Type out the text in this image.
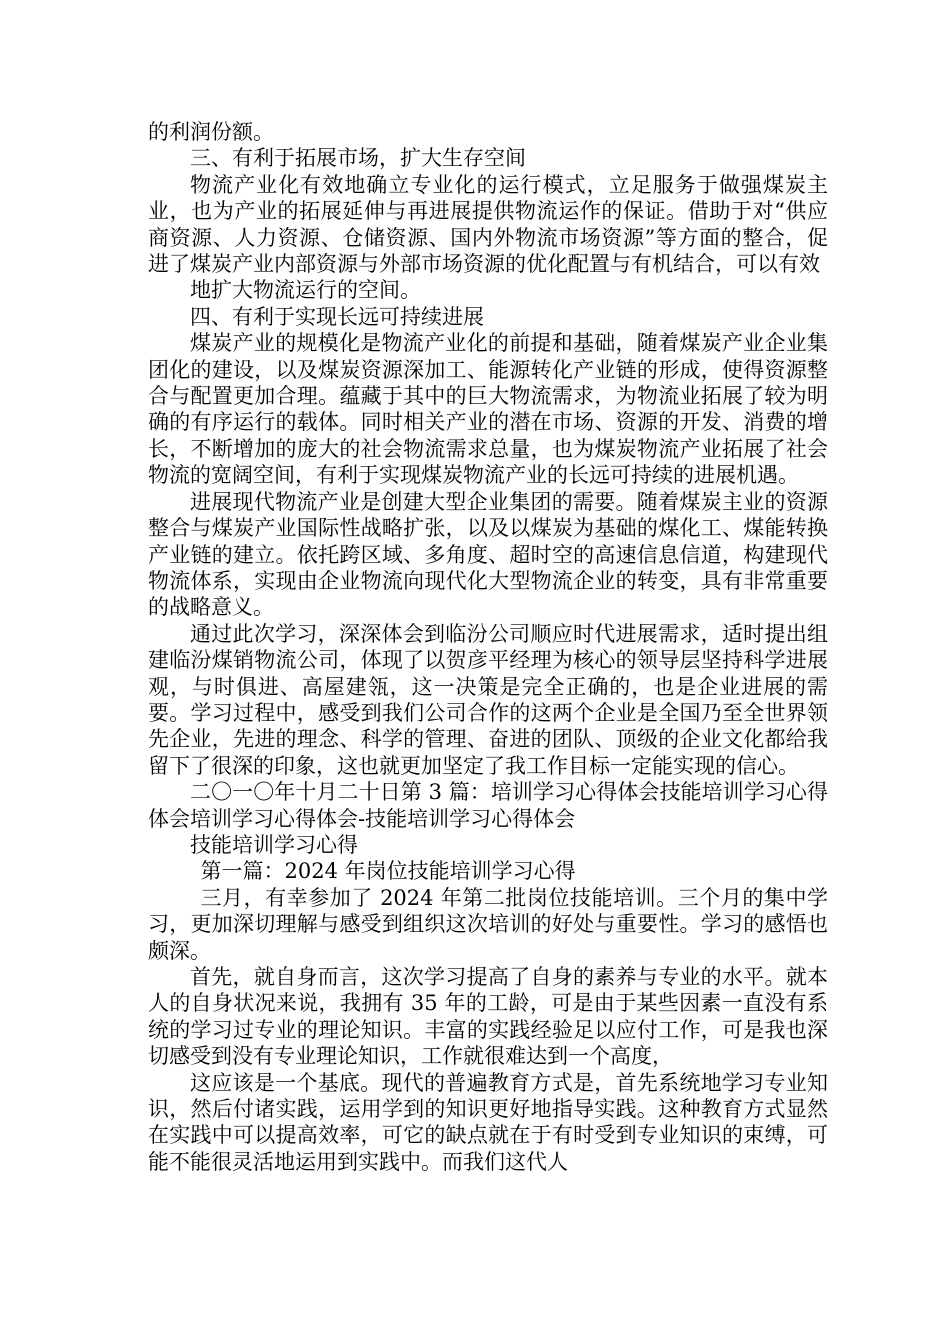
的利润份额。

三、有利于拓展市场，扩大生存空间

物流产业化有效地确立专业化的运行模式，立足服务于做强煤炭主业，也为产业的拓展延伸与再进展提供物流运作的保证。借助于对“供应商资源、人力资源、仓储资源、国内外物流市场资源”等方面的整合，促进了煤炭产业内部资源与外部市场资源的优化配置与有机结合，可以有效

地扩大物流运行的空间。

四、有利于实现长远可持续进展

煤炭产业的规模化是物流产业化的前提和基础，随着煤炭产业企业集团化的建设，以及煤炭资源深加工、能源转化产业链的形成，使得资源整合与配置更加合理。蕴藏于其中的巨大物流需求，为物流业拓展了较为明确的有序运行的载体。同时相关产业的潜在市场、资源的开发、消费的增长，不断增加的庞大的社会物流需求总量，也为煤炭物流产业拓展了社会物流的宽阔空间，有利于实现煤炭物流产业的长远可持续的进展机遇。

进展现代物流产业是创建大型企业集团的需要。随着煤炭主业的资源整合与煤炭产业国际性战略扩张，以及以煤炭为基础的煤化工、煤能转换产业链的建立。依托跨区域、多角度、超时空的高速信息信道，构建现代物流体系，实现由企业物流向现代化大型物流企业的转变，具有非常重要的战略意义。

通过此次学习，深深体会到临汾公司顺应时代进展需求，适时提出组建临汾煤销物流公司，体现了以贺彦平经理为核心的领导层坚持科学进展观，与时俱进、高屋建瓴，这一决策是完全正确的，也是企业进展的需要。学习过程中，感受到我们公司合作的这两个企业是全国乃至全世界领先企业，先进的理念、科学的管理、奋进的团队、顶级的企业文化都给我留下了很深的印象，这也就更加坚定了我工作目标一定能实现的信心。

二〇一〇年十月二十日第 3 篇：培训学习心得体会技能培训学习心得体会培训学习心得体会-技能培训学习心得体会

技能培训学习心得

第一篇：2024 年岗位技能培训学习心得

三月，有幸参加了 2024 年第二批岗位技能培训。三个月的集中学习，更加深切理解与感受到组织这次培训的好处与重要性。学习的感悟也颇深。

首先，就自身而言，这次学习提高了自身的素养与专业的水平。就本人的自身状况来说，我拥有 35 年的工龄，可是由于某些因素一直没有系统的学习过专业的理论知识。丰富的实践经验足以应付工作，可是我也深切感受到没有专业理论知识，工作就很难达到一个高度，

这应该是一个基底。现代的普遍教育方式是，首先系统地学习专业知识，然后付诸实践，运用学到的知识更好地指导实践。这种教育方式显然在实践中可以提高效率，可它的缺点就在于有时受到专业知识的束缚，可能不能很灵活地运用到实践中。而我们这代人
